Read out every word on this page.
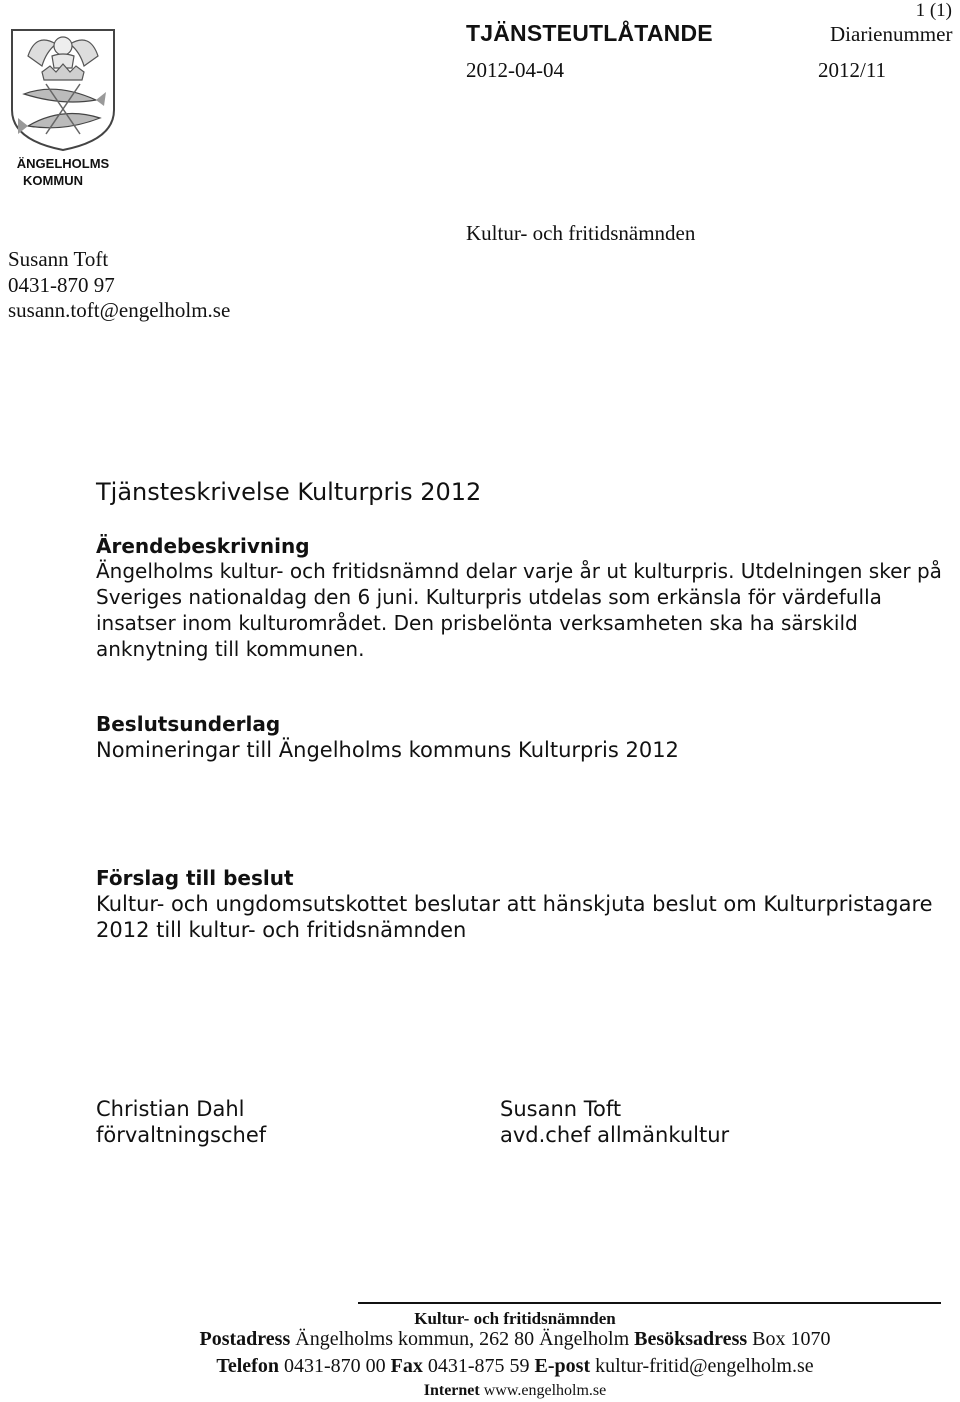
ÄNGELHOLMS
KOMMUN
1 (1)
TJÄNSTEUTLÅTANDE	Diarienummer
2012-04-04	2012/11
Kultur- och fritidsnämnden
Susann Toft
0431-870 97
susann.toft@engelholm.se
Tjänsteskrivelse Kulturpris 2012
Ärendebeskrivning
Ängelholms kultur- och fritidsnämnd delar varje år ut kulturpris. Utdelningen sker på Sveriges nationaldag den 6 juni. Kulturpris utdelas som erkänsla för värdefulla insatser inom kulturområdet. Den prisbelönta verksamheten ska ha särskild anknytning till kommunen.
Beslutsunderlag
Nomineringar till Ängelholms kommuns Kulturpris 2012
Förslag till beslut
Kultur- och ungdomsutskottet beslutar att hänskjuta beslut om Kulturpristagare 2012 till kultur- och fritidsnämnden
Christian Dahl
förvaltningschef
Susann Toft
avd.chef allmänkultur
Kultur- och fritidsnämnden
Postadress Ängelholms kommun, 262 80 Ängelholm Besöksadress Box 1070
Telefon 0431-870 00 Fax 0431-875 59 E-post kultur-fritid@engelholm.se
Internet www.engelholm.se
